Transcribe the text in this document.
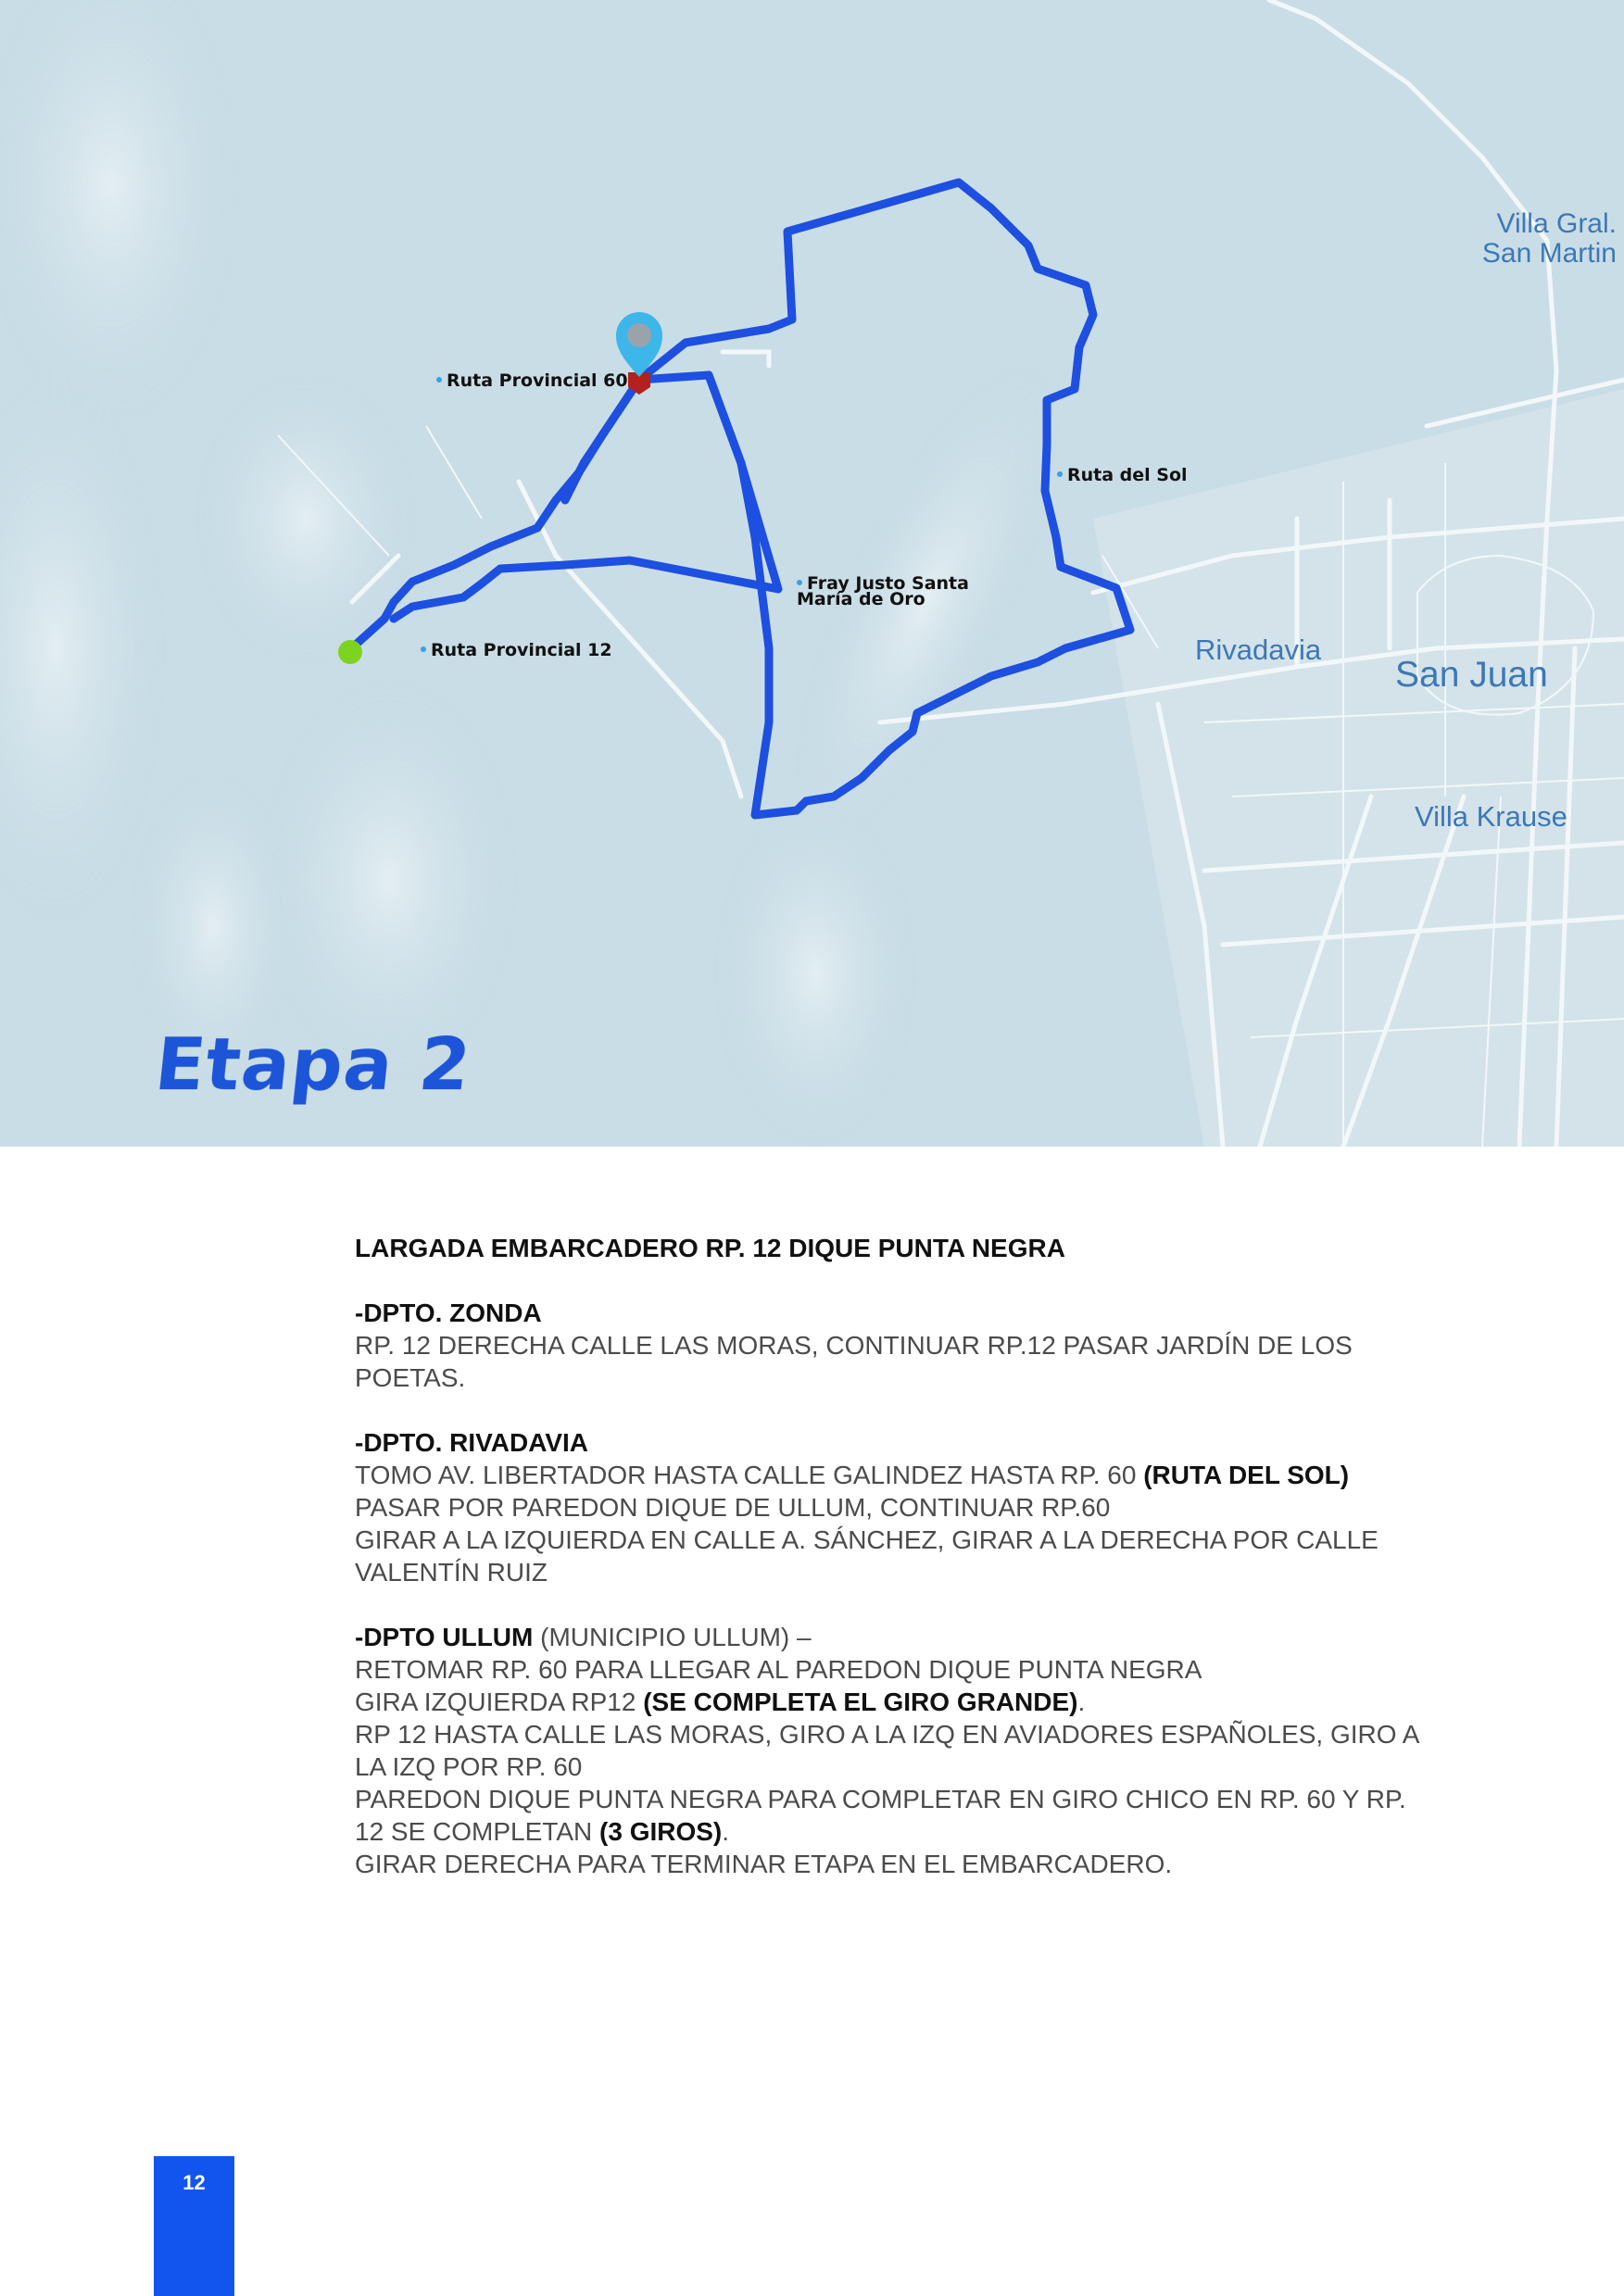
Ruta Provincial 60
Ruta del Sol
Fray Justo Santa María de Oro
Ruta Provincial 12
Villa Gral.
San Martin
Rivadavia
San Juan
Villa Krause
Etapa 2

LARGADA EMBARCADERO RP. 12 DIQUE PUNTA NEGRA

-DPTO. ZONDA

RP. 12 DERECHA CALLE LAS MORAS, CONTINUAR RP.12 PASAR JARDÍN DE LOS

POETAS.

-DPTO. RIVADAVIA

TOMO AV. LIBERTADOR HASTA CALLE GALINDEZ HASTA RP. 60 (RUTA DEL SOL)

PASAR POR PAREDON DIQUE DE ULLUM, CONTINUAR RP.60

GIRAR A LA IZQUIERDA EN CALLE A. SÁNCHEZ, GIRAR A LA DERECHA POR CALLE

VALENTÍN RUIZ

-DPTO ULLUM (MUNICIPIO ULLUM) –

RETOMAR RP. 60 PARA LLEGAR AL PAREDON DIQUE PUNTA NEGRA

GIRA IZQUIERDA RP12 (SE COMPLETA EL GIRO GRANDE).

RP 12 HASTA CALLE LAS MORAS, GIRO A LA IZQ EN AVIADORES ESPAÑOLES, GIRO A

LA IZQ POR RP. 60

PAREDON DIQUE PUNTA NEGRA PARA COMPLETAR EN GIRO CHICO EN RP. 60 Y RP.

12 SE COMPLETAN (3 GIROS).

GIRAR DERECHA PARA TERMINAR ETAPA EN EL EMBARCADERO.

12
